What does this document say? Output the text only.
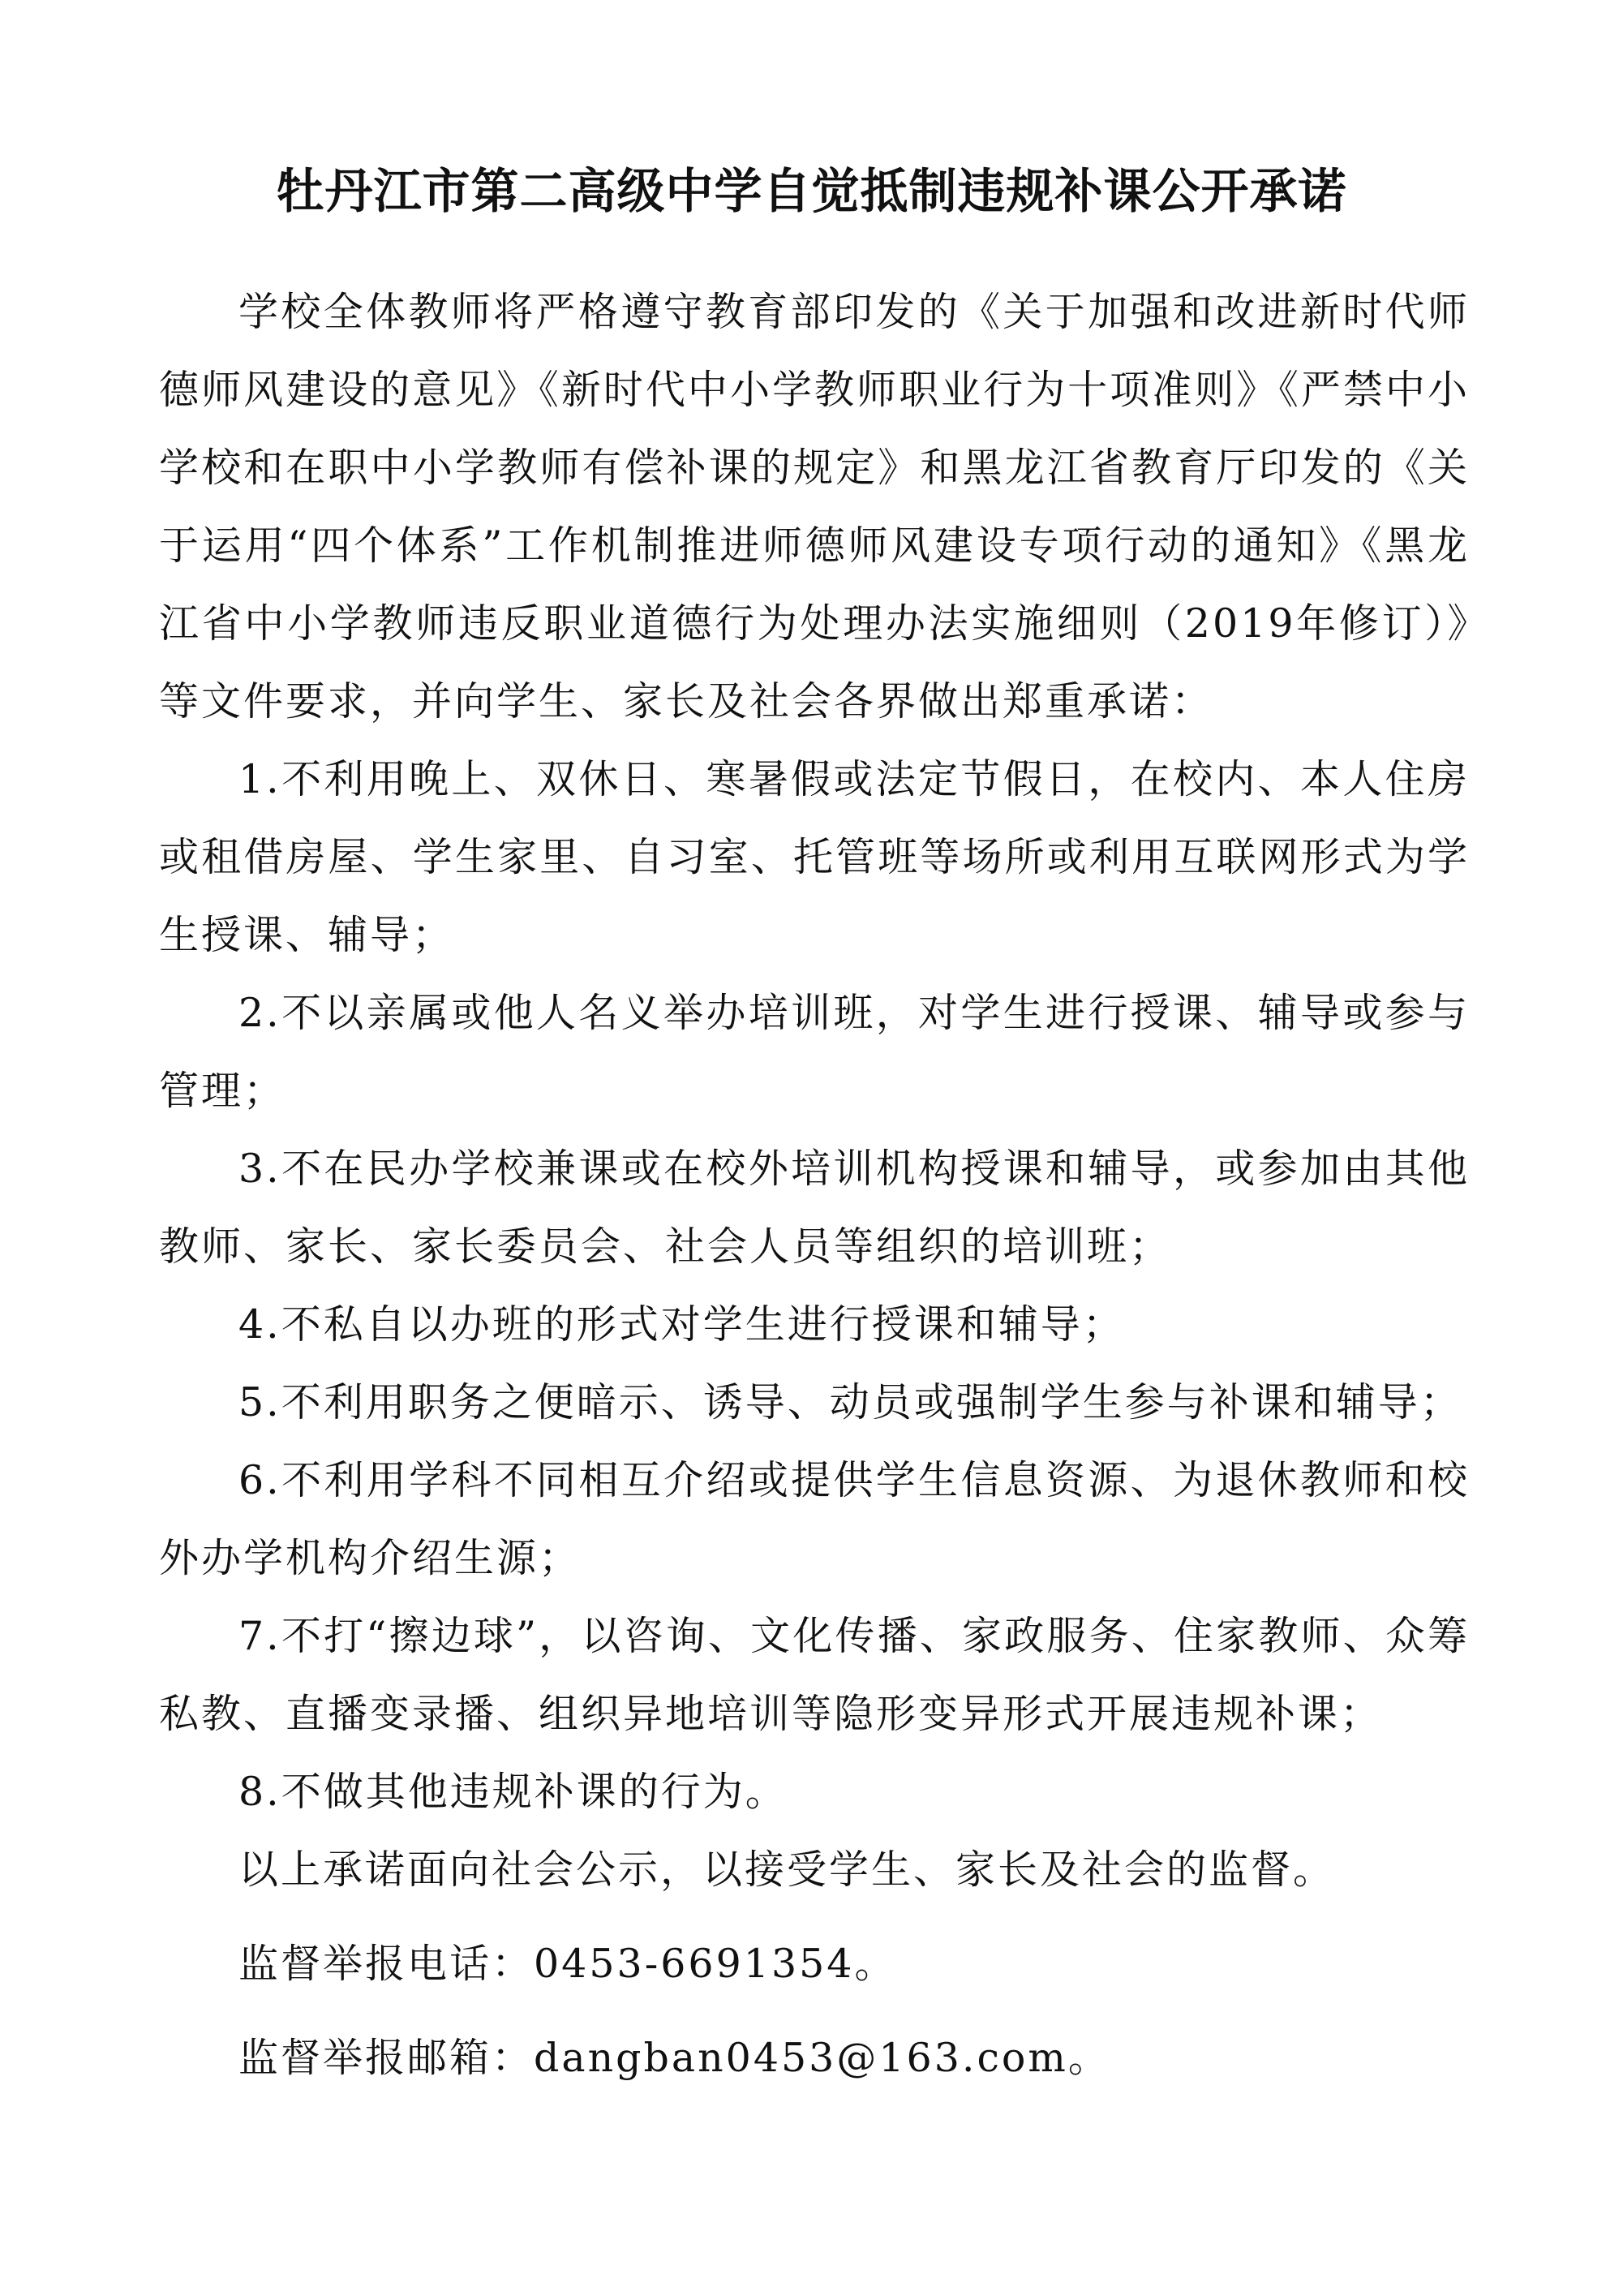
牡丹江市第二高级中学自觉抵制违规补课公开承诺

学校全体教师将严格遵守教育部印发的《关于加强和改进新时代师德师风建设的意见》《新时代中小学教师职业行为十项准则》《严禁中小学校和在职中小学教师有偿补课的规定》和黑龙江省教育厅印发的《关于运用“四个体系”工作机制推进师德师风建设专项行动的通知》《黑龙江省中小学教师违反职业道德行为处理办法实施细则（2019年修订）》等文件要求，并向学生、家长及社会各界做出郑重承诺：

1.不利用晚上、双休日、寒暑假或法定节假日，在校内、本人住房或租借房屋、学生家里、自习室、托管班等场所或利用互联网形式为学生授课、辅导；

2.不以亲属或他人名义举办培训班，对学生进行授课、辅导或参与管理；

3.不在民办学校兼课或在校外培训机构授课和辅导，或参加由其他教师、家长、家长委员会、社会人员等组织的培训班；

4.不私自以办班的形式对学生进行授课和辅导；

5.不利用职务之便暗示、诱导、动员或强制学生参与补课和辅导；

6.不利用学科不同相互介绍或提供学生信息资源、为退休教师和校外办学机构介绍生源；

7.不打“擦边球”，以咨询、文化传播、家政服务、住家教师、众筹私教、直播变录播、组织异地培训等隐形变异形式开展违规补课；

8.不做其他违规补课的行为。

以上承诺面向社会公示，以接受学生、家长及社会的监督。

监督举报电话：0453-6691354。

监督举报邮箱：dangban0453@163.com。
